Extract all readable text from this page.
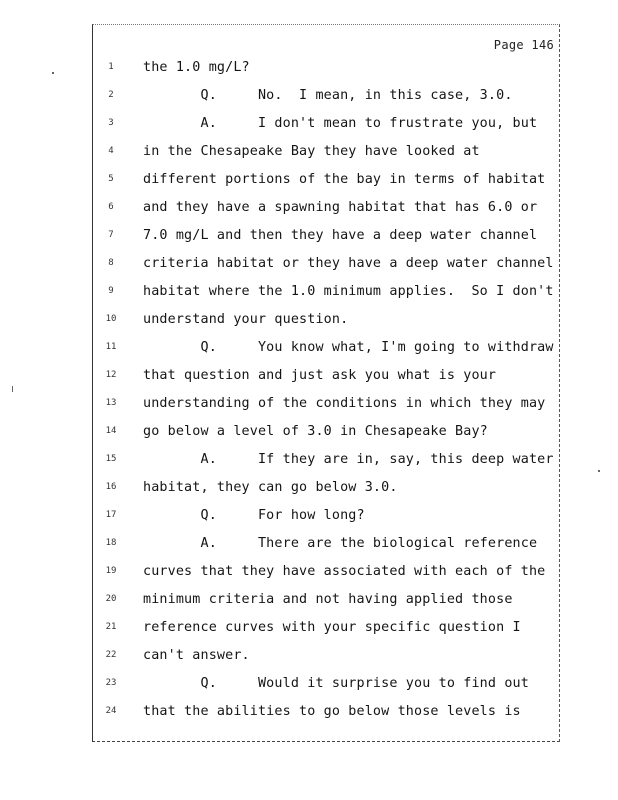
Page 146
1	the 1.0 mg/L?
2	Q.     No.  I mean, in this case, 3.0.
3	A.     I don't mean to frustrate you, but
4	in the Chesapeake Bay they have looked at
5	different portions of the bay in terms of habitat
6	and they have a spawning habitat that has 6.0 or
7	7.0 mg/L and then they have a deep water channel
8	criteria habitat or they have a deep water channel
9	habitat where the 1.0 minimum applies.  So I don't
10	understand your question.
11	Q.     You know what, I'm going to withdraw
12	that question and just ask you what is your
13	understanding of the conditions in which they may
14	go below a level of 3.0 in Chesapeake Bay?
15	A.     If they are in, say, this deep water
16	habitat, they can go below 3.0.
17	Q.     For how long?
18	A.     There are the biological reference
19	curves that they have associated with each of the
20	minimum criteria and not having applied those
21	reference curves with your specific question I
22	can't answer.
23	Q.     Would it surprise you to find out
24	that the abilities to go below those levels is
